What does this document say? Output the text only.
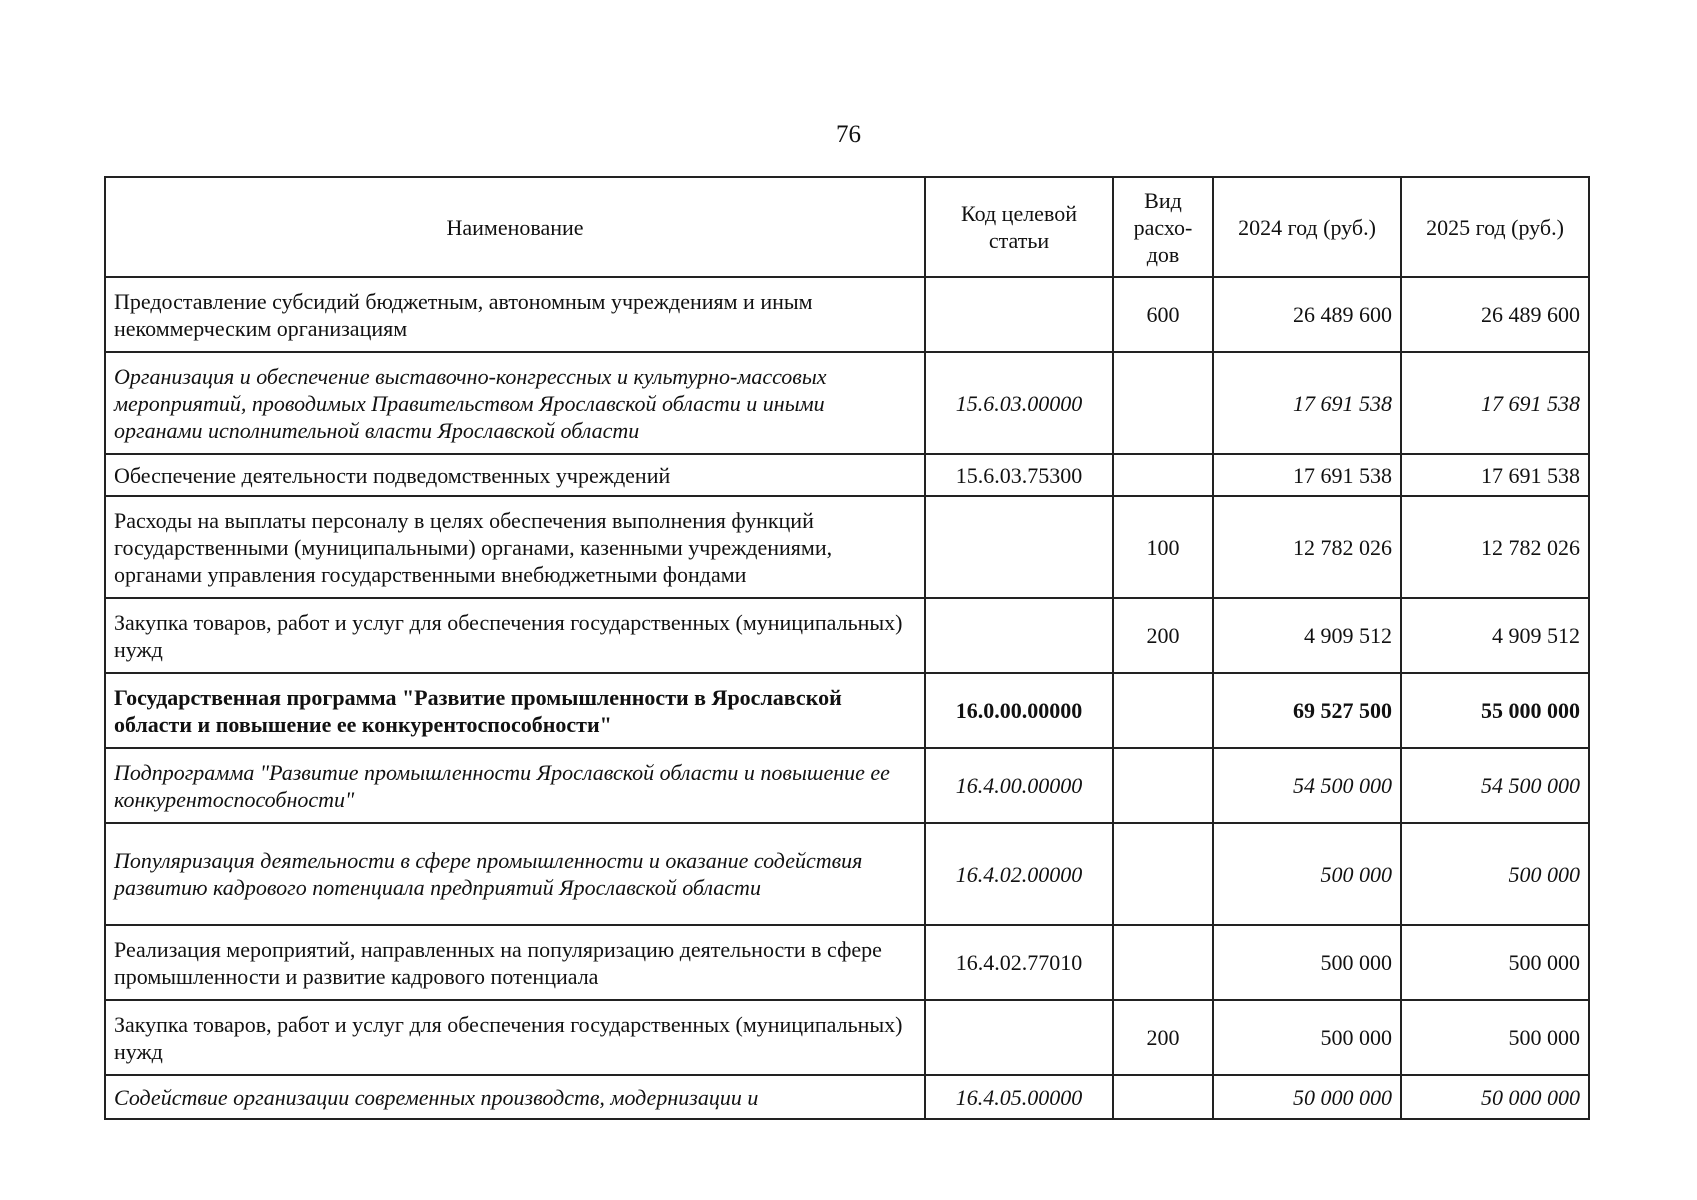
76
Наименование	Код целевой статьи	Вид расхо-дов	2024 год (руб.)	2025 год (руб.)
Предоставление субсидий бюджетным, автономным учреждениям и иным некоммерческим организациям		600	26 489 600	26 489 600
Организация и обеспечение выставочно-конгрессных и культурно-массовых мероприятий, проводимых Правительством Ярославской области и иными органами исполнительной власти Ярославской области	15.6.03.00000		17 691 538	17 691 538
Обеспечение деятельности подведомственных учреждений	15.6.03.75300		17 691 538	17 691 538
Расходы на выплаты персоналу в целях обеспечения выполнения функций государственными (муниципальными) органами, казенными учреждениями, органами управления государственными внебюджетными фондами		100	12 782 026	12 782 026
Закупка товаров, работ и услуг для обеспечения государственных (муниципальных) нужд		200	4 909 512	4 909 512
Государственная программа "Развитие промышленности в Ярославской области и повышение ее конкурентоспособности"	16.0.00.00000		69 527 500	55 000 000
Подпрограмма "Развитие промышленности Ярославской области и повышение ее конкурентоспособности"	16.4.00.00000		54 500 000	54 500 000
Популяризация деятельности в сфере промышленности и оказание содействия развитию кадрового потенциала предприятий Ярославской области	16.4.02.00000		500 000	500 000
Реализация мероприятий, направленных на популяризацию деятельности в сфере промышленности и развитие кадрового потенциала	16.4.02.77010		500 000	500 000
Закупка товаров, работ и услуг для обеспечения государственных (муниципальных) нужд		200	500 000	500 000
Содействие организации современных производств, модернизации и	16.4.05.00000		50 000 000	50 000 000
